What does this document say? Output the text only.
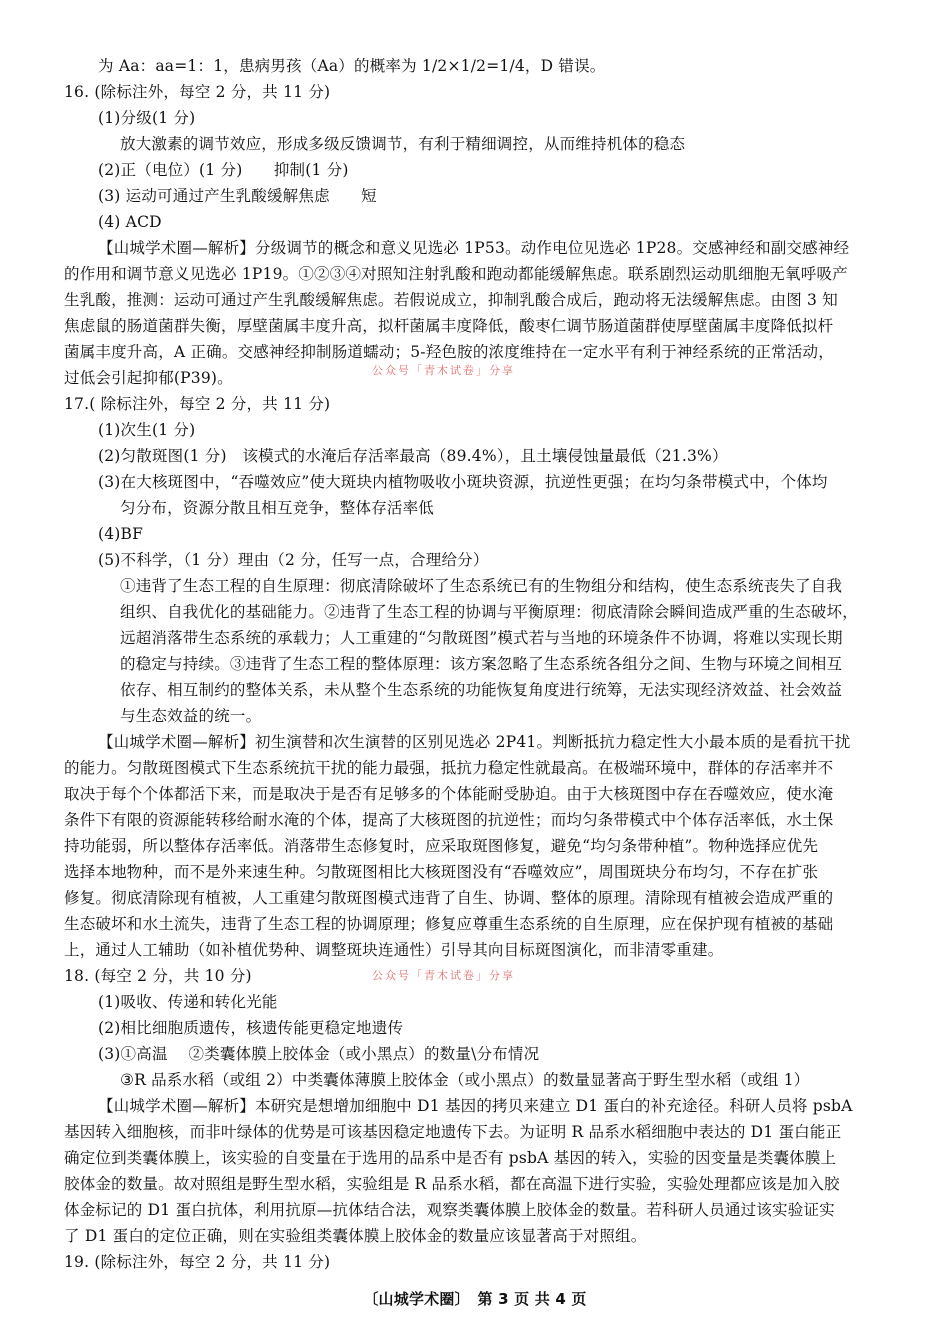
为 Aa：aa=1：1，患病男孩（Aa）的概率为 1/2×1/2=1/4，D 错误。
16. (除标注外，每空 2 分，共 11 分)
(1)分级(1 分)
放大激素的调节效应，形成多级反馈调节，有利于精细调控，从而维持机体的稳态
(2)正（电位）(1 分)　　抑制(1 分)
(3) 运动可通过产生乳酸缓解焦虑　　短
(4) ACD
【山城学术圈—解析】分级调节的概念和意义见选必 1P53。动作电位见选必 1P28。交感神经和副交感神经
的作用和调节意义见选必 1P19。①②③④对照知注射乳酸和跑动都能缓解焦虑。联系剧烈运动肌细胞无氧呼吸产
生乳酸，推测：运动可通过产生乳酸缓解焦虑。若假说成立，抑制乳酸合成后，跑动将无法缓解焦虑。由图 3 知
焦虑鼠的肠道菌群失衡，厚壁菌属丰度升高，拟杆菌属丰度降低，酸枣仁调节肠道菌群使厚壁菌属丰度降低拟杆
菌属丰度升高，A 正确。交感神经抑制肠道蠕动；5-羟色胺的浓度维持在一定水平有利于神经系统的正常活动，
过低会引起抑郁(P39)。	公众号「青木试卷」分享
17.( 除标注外，每空 2 分，共 11 分)
(1)次生(1 分)
(2)匀散斑图(1 分)　该模式的水淹后存活率最高（89.4%），且土壤侵蚀量最低（21.3%）
(3)在大核斑图中，“吞噬效应”使大斑块内植物吸收小斑块资源，抗逆性更强；在均匀条带模式中，个体均
匀分布，资源分散且相互竞争，整体存活率低
(4)BF
(5)不科学，（1 分）理由（2 分，任写一点，合理给分）
①违背了生态工程的自生原理：彻底清除破坏了生态系统已有的生物组分和结构，使生态系统丧失了自我
组织、自我优化的基础能力。②违背了生态工程的协调与平衡原理：彻底清除会瞬间造成严重的生态破坏，
远超消落带生态系统的承载力；人工重建的“匀散斑图”模式若与当地的环境条件不协调，将难以实现长期
的稳定与持续。③违背了生态工程的整体原理：该方案忽略了生态系统各组分之间、生物与环境之间相互
依存、相互制约的整体关系，未从整个生态系统的功能恢复角度进行统筹，无法实现经济效益、社会效益
与生态效益的统一。
【山城学术圈—解析】初生演替和次生演替的区别见选必 2P41。判断抵抗力稳定性大小最本质的是看抗干扰
的能力。匀散斑图模式下生态系统抗干扰的能力最强，抵抗力稳定性就最高。在极端环境中，群体的存活率并不
取决于每个个体都活下来，而是取决于是否有足够多的个体能耐受胁迫。由于大核斑图中存在吞噬效应，使水淹
条件下有限的资源能转移给耐水淹的个体，提高了大核斑图的抗逆性；而均匀条带模式中个体存活率低，水土保
持功能弱，所以整体存活率低。消落带生态修复时，应采取斑图修复，避免“均匀条带种植”。物种选择应优先
选择本地物种，而不是外来速生种。匀散斑图相比大核斑图没有“吞噬效应”，周围斑块分布均匀，不存在扩张
修复。彻底清除现有植被，人工重建匀散斑图模式违背了自生、协调、整体的原理。清除现有植被会造成严重的
生态破坏和水土流失，违背了生态工程的协调原理；修复应尊重生态系统的自生原理，应在保护现有植被的基础
上，通过人工辅助（如补植优势种、调整斑块连通性）引导其向目标斑图演化，而非清零重建。
18. (每空 2 分，共 10 分)	公众号「青木试卷」分享
(1)吸收、传递和转化光能
(2)相比细胞质遗传，核遗传能更稳定地遗传
(3)①高温　 ②类囊体膜上胶体金（或小黑点）的数量\分布情况
③R 品系水稻（或组 2）中类囊体薄膜上胶体金（或小黑点）的数量显著高于野生型水稻（或组 1）
【山城学术圈—解析】本研究是想增加细胞中 D1 基因的拷贝来建立 D1 蛋白的补充途径。科研人员将 psbA
基因转入细胞核，而非叶绿体的优势是可该基因稳定地遗传下去。为证明 R 品系水稻细胞中表达的 D1 蛋白能正
确定位到类囊体膜上，该实验的自变量在于选用的品系中是否有 psbA 基因的转入，实验的因变量是类囊体膜上
胶体金的数量。故对照组是野生型水稻，实验组是 R 品系水稻，都在高温下进行实验，实验处理都应该是加入胶
体金标记的 D1 蛋白抗体，利用抗原—抗体结合法，观察类囊体膜上胶体金的数量。若科研人员通过该实验证实
了 D1 蛋白的定位正确，则在实验组类囊体膜上胶体金的数量应该显著高于对照组。
19. (除标注外，每空 2 分，共 11 分)
〔山城学术圈〕　第 3 页 共 4 页
